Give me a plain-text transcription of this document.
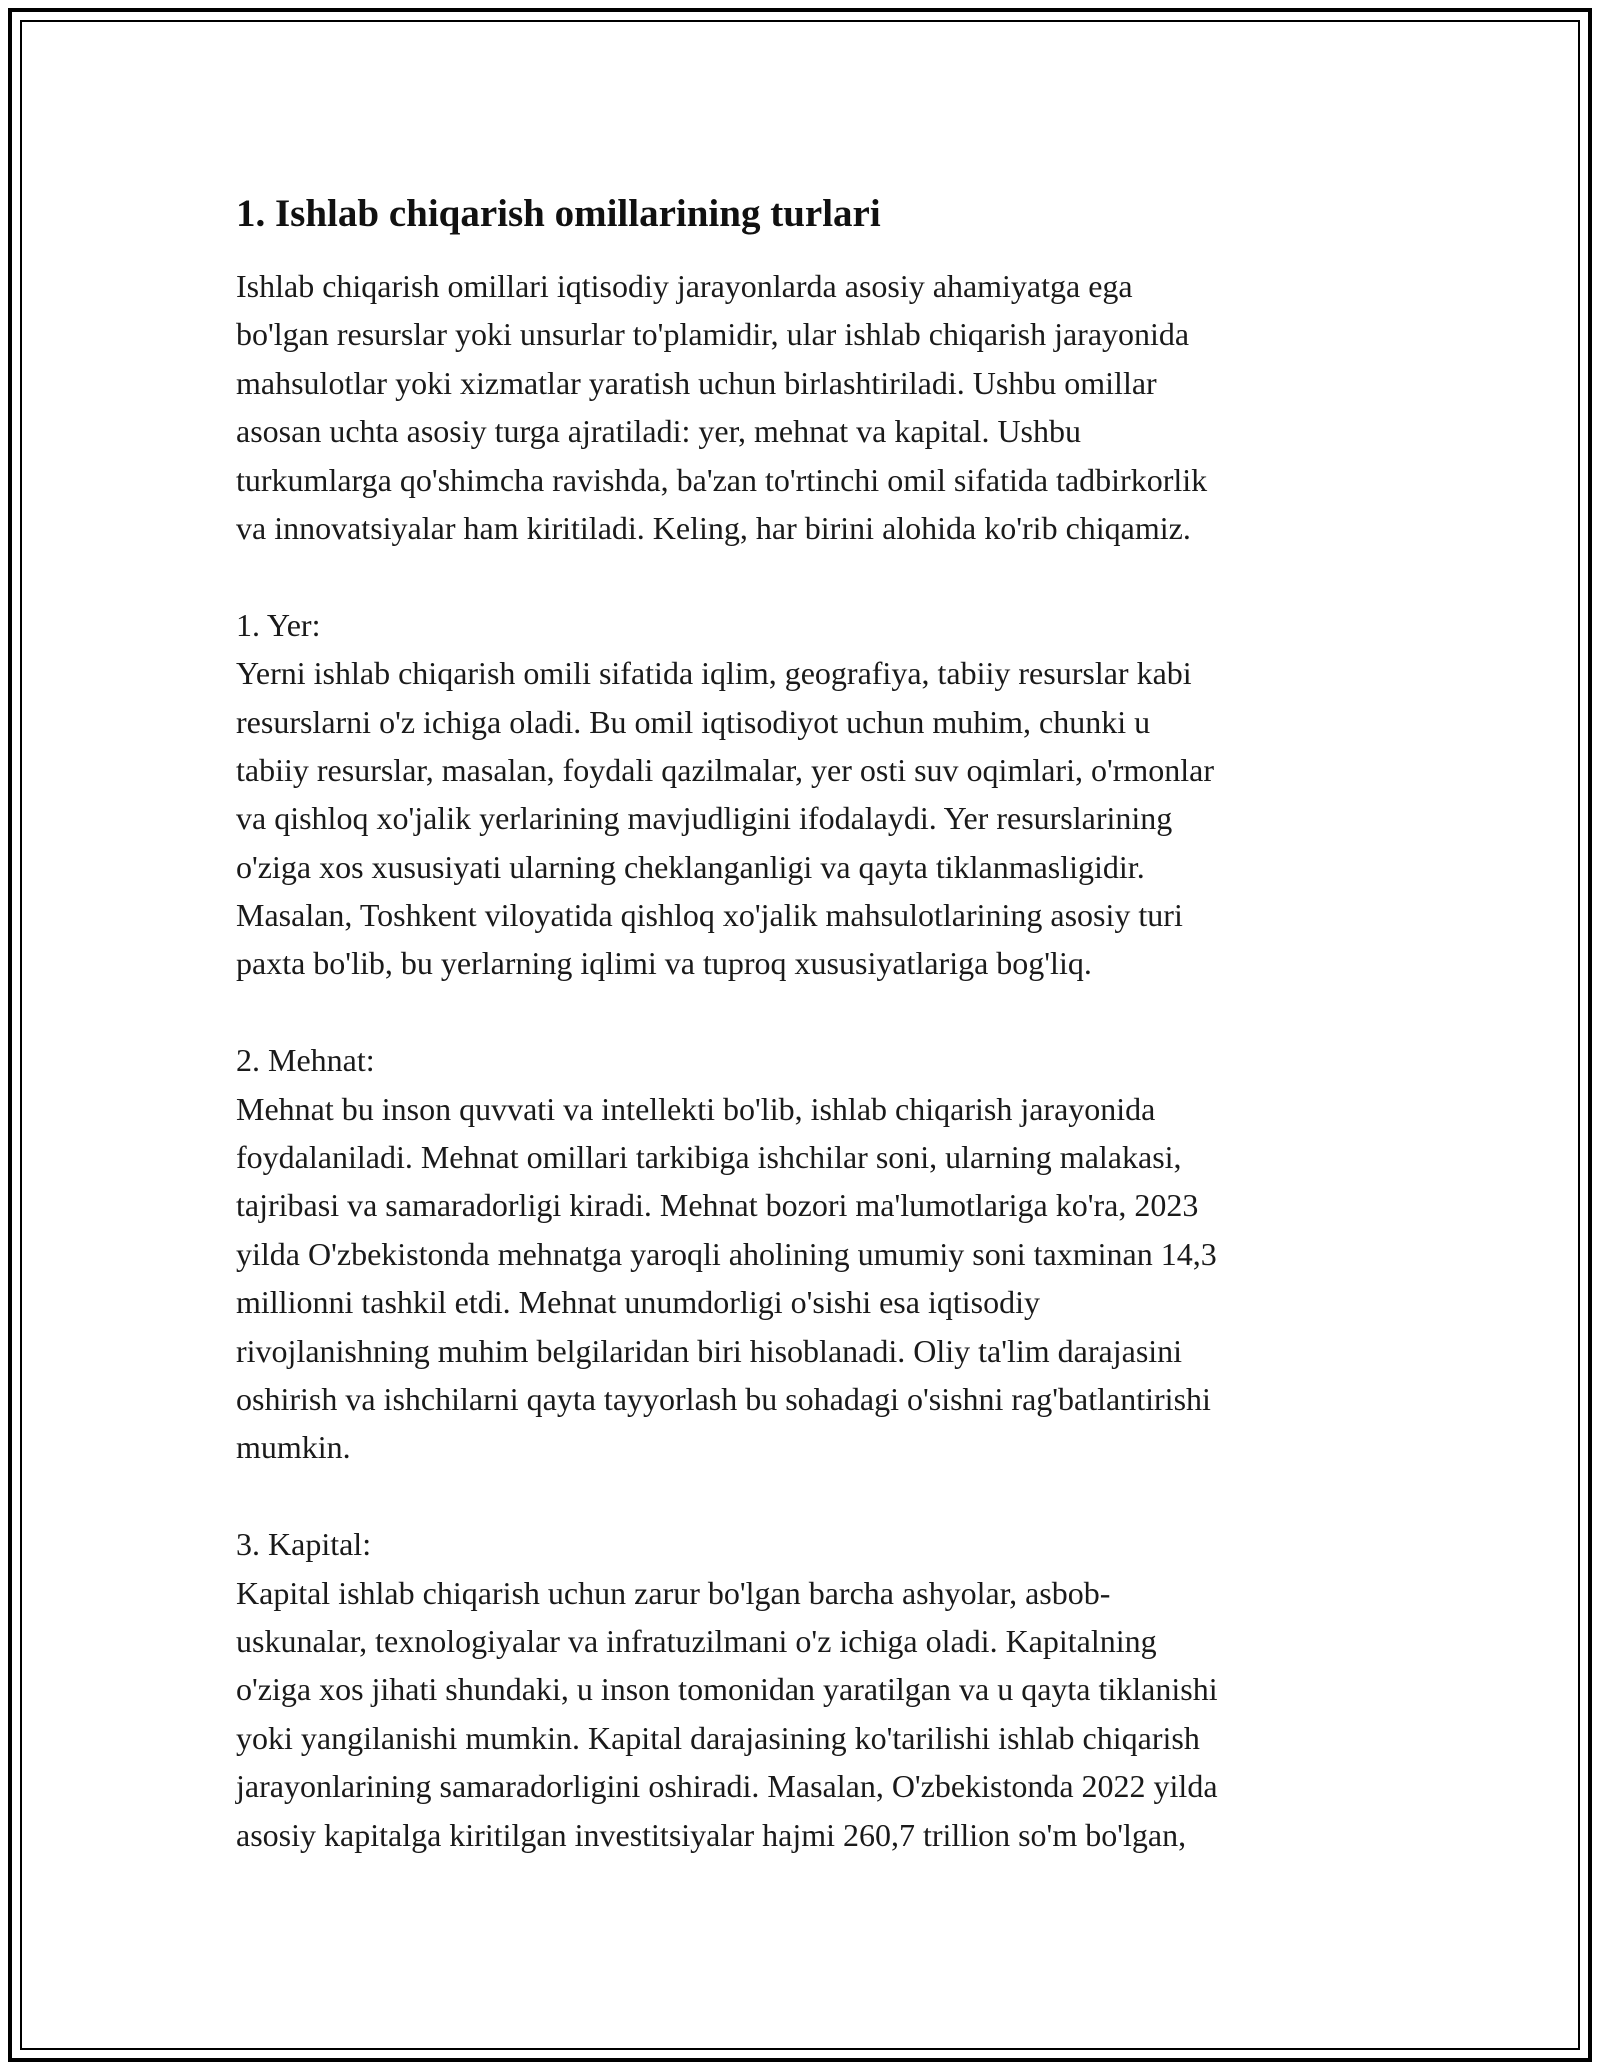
1. Ishlab chiqarish omillarining turlari
Ishlab chiqarish omillari iqtisodiy jarayonlarda asosiy ahamiyatga ega
bo'lgan resurslar yoki unsurlar to'plamidir, ular ishlab chiqarish jarayonida
mahsulotlar yoki xizmatlar yaratish uchun birlashtiriladi. Ushbu omillar
asosan uchta asosiy turga ajratiladi: yer, mehnat va kapital. Ushbu
turkumlarga qo'shimcha ravishda, ba'zan to'rtinchi omil sifatida tadbirkorlik
va innovatsiyalar ham kiritiladi. Keling, har birini alohida ko'rib chiqamiz.
1. Yer:
Yerni ishlab chiqarish omili sifatida iqlim, geografiya, tabiiy resurslar kabi
resurslarni o'z ichiga oladi. Bu omil iqtisodiyot uchun muhim, chunki u
tabiiy resurslar, masalan, foydali qazilmalar, yer osti suv oqimlari, o'rmonlar
va qishloq xo'jalik yerlarining mavjudligini ifodalaydi. Yer resurslarining
o'ziga xos xususiyati ularning cheklanganligi va qayta tiklanmasligidir.
Masalan, Toshkent viloyatida qishloq xo'jalik mahsulotlarining asosiy turi
paxta bo'lib, bu yerlarning iqlimi va tuproq xususiyatlariga bog'liq.
2. Mehnat:
Mehnat bu inson quvvati va intellekti bo'lib, ishlab chiqarish jarayonida
foydalaniladi. Mehnat omillari tarkibiga ishchilar soni, ularning malakasi,
tajribasi va samaradorligi kiradi. Mehnat bozori ma'lumotlariga ko'ra, 2023
yilda O'zbekistonda mehnatga yaroqli aholining umumiy soni taxminan 14,3
millionni tashkil etdi. Mehnat unumdorligi o'sishi esa iqtisodiy
rivojlanishning muhim belgilaridan biri hisoblanadi. Oliy ta'lim darajasini
oshirish va ishchilarni qayta tayyorlash bu sohadagi o'sishni rag'batlantirishi
mumkin.
3. Kapital:
Kapital ishlab chiqarish uchun zarur bo'lgan barcha ashyolar, asbob-
uskunalar, texnologiyalar va infratuzilmani o'z ichiga oladi. Kapitalning
o'ziga xos jihati shundaki, u inson tomonidan yaratilgan va u qayta tiklanishi
yoki yangilanishi mumkin. Kapital darajasining ko'tarilishi ishlab chiqarish
jarayonlarining samaradorligini oshiradi. Masalan, O'zbekistonda 2022 yilda
asosiy kapitalga kiritilgan investitsiyalar hajmi 260,7 trillion so'm bo'lgan,
